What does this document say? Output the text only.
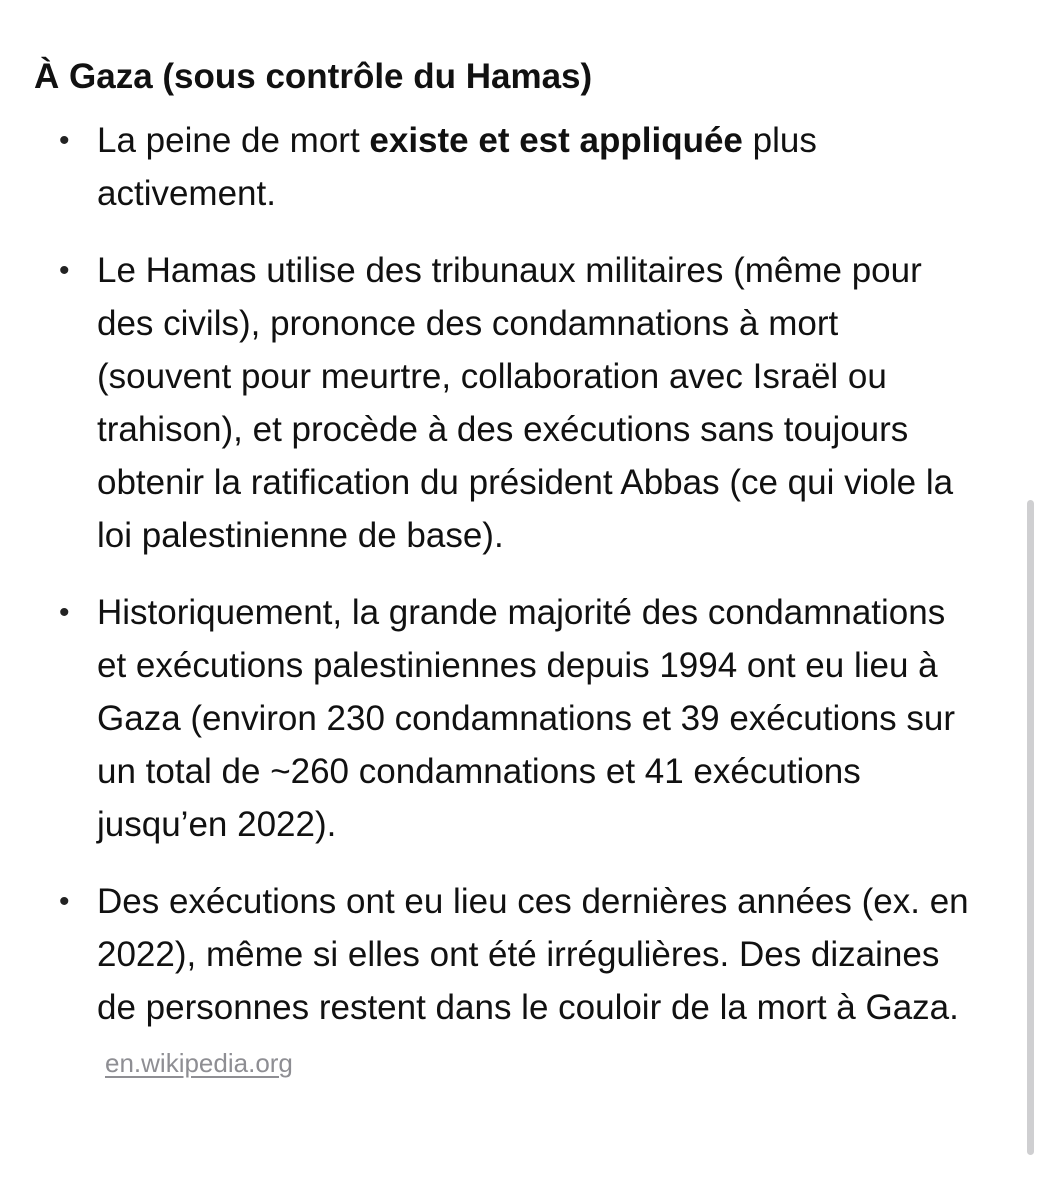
À Gaza (sous contrôle du Hamas)
• La peine de mort existe et est appliquée plus activement.
• Le Hamas utilise des tribunaux militaires (même pour des civils), prononce des condamnations à mort (souvent pour meurtre, collaboration avec Israël ou trahison), et procède à des exécutions sans toujours obtenir la ratification du président Abbas (ce qui viole la loi palestinienne de base).
• Historiquement, la grande majorité des condamnations et exécutions palestiniennes depuis 1994 ont eu lieu à Gaza (environ 230 condamnations et 39 exécutions sur un total de ~260 condamnations et 41 exécutions jusqu’en 2022).
• Des exécutions ont eu lieu ces dernières années (ex. en 2022), même si elles ont été irrégulières. Des dizaines de personnes restent dans le couloir de la mort à Gaza. en.wikipedia.org
